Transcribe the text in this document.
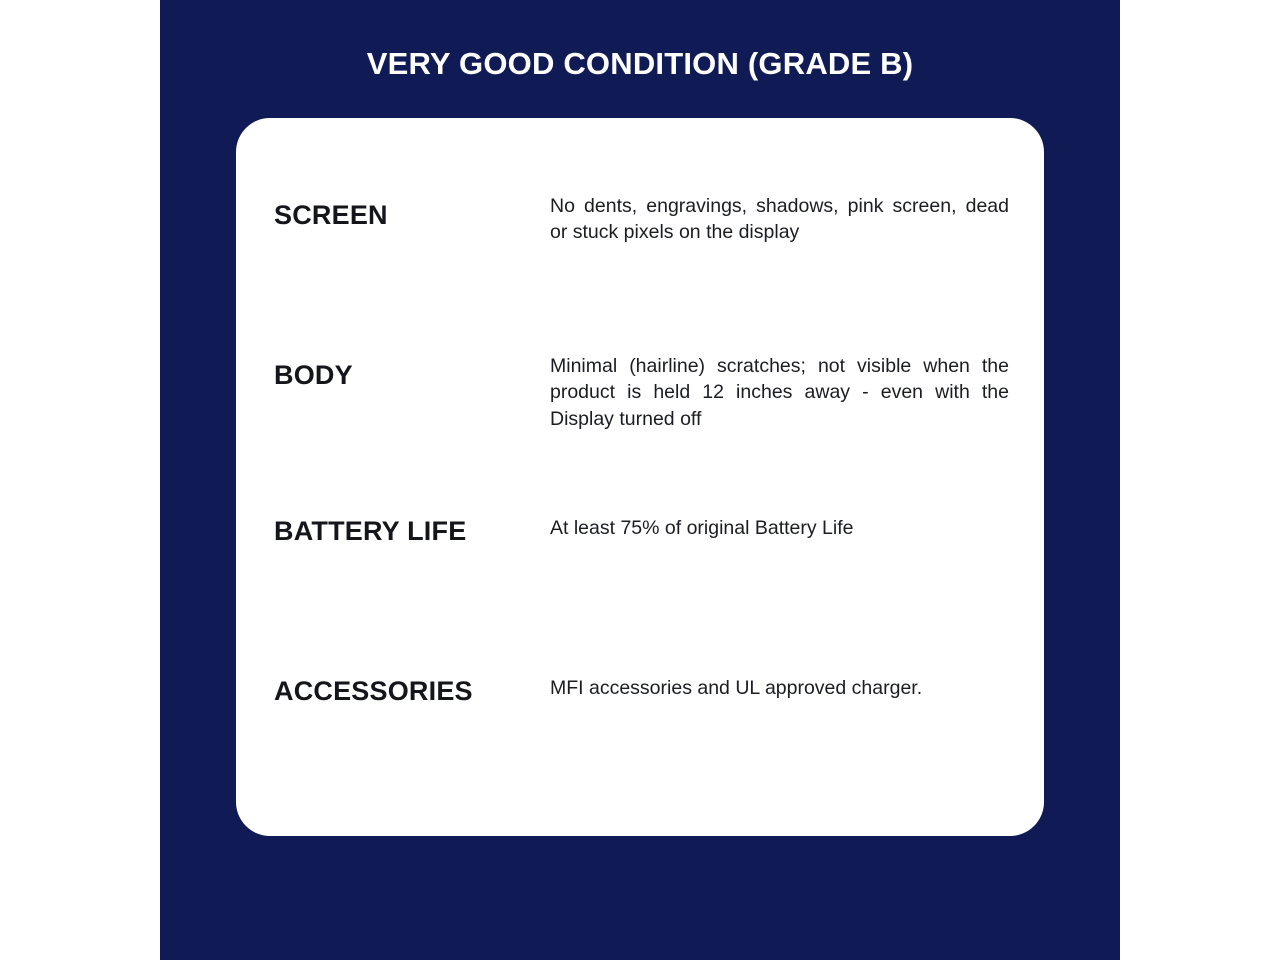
VERY GOOD CONDITION (GRADE B)
SCREEN	No dents, engravings, shadows, pink screen, dead or stuck pixels on the display
BODY	Minimal (hairline) scratches; not visible when the product is held 12 inches away - even with the Display turned off
BATTERY LIFE	At least 75% of original Battery Life
ACCESSORIES	MFI accessories and UL approved charger.
